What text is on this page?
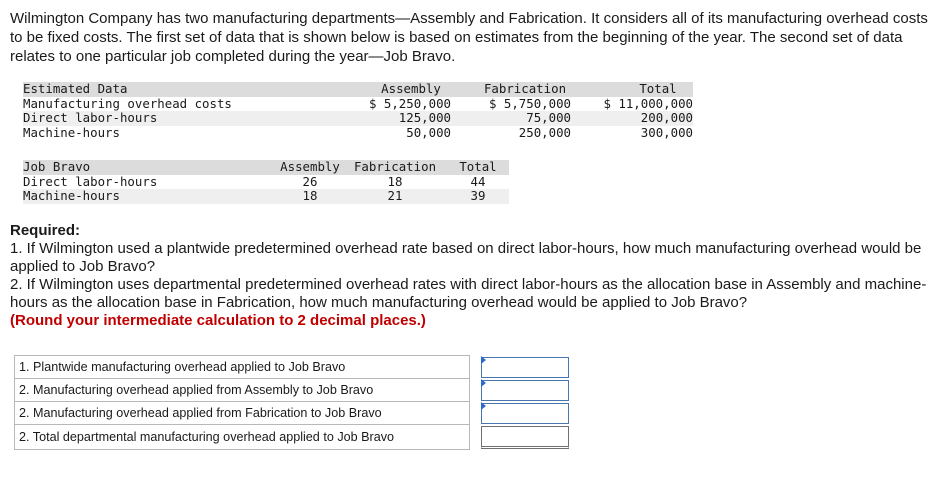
Wilmington Company has two manufacturing departments—Assembly and Fabrication. It considers all of its manufacturing overhead costs to be fixed costs. The first set of data that is shown below is based on estimates from the beginning of the year. The second set of data relates to one particular job completed during the year—Job Bravo.

Estimated Data	Assembly	Fabrication	Total
Manufacturing overhead costs	$ 5,250,000	$ 5,750,000	$ 11,000,000
Direct labor-hours	125,000	75,000	200,000
Machine-hours	50,000	250,000	300,000
Job Bravo	Assembly	Fabrication	Total
Direct labor-hours	26	18	44
Machine-hours	18	21	39
Required:
1. If Wilmington used a plantwide predetermined overhead rate based on direct labor-hours, how much manufacturing overhead would be applied to Job Bravo?
2. If Wilmington uses departmental predetermined overhead rates with direct labor-hours as the allocation base in Assembly and machine-hours as the allocation base in Fabrication, how much manufacturing overhead would be applied to Job Bravo?
(Round your intermediate calculation to 2 decimal places.)
1. Plantwide manufacturing overhead applied to Job Bravo		

2. Manufacturing overhead applied from Assembly to Job Bravo		

2. Manufacturing overhead applied from Fabrication to Job Bravo		

2. Total departmental manufacturing overhead applied to Job Bravo		
